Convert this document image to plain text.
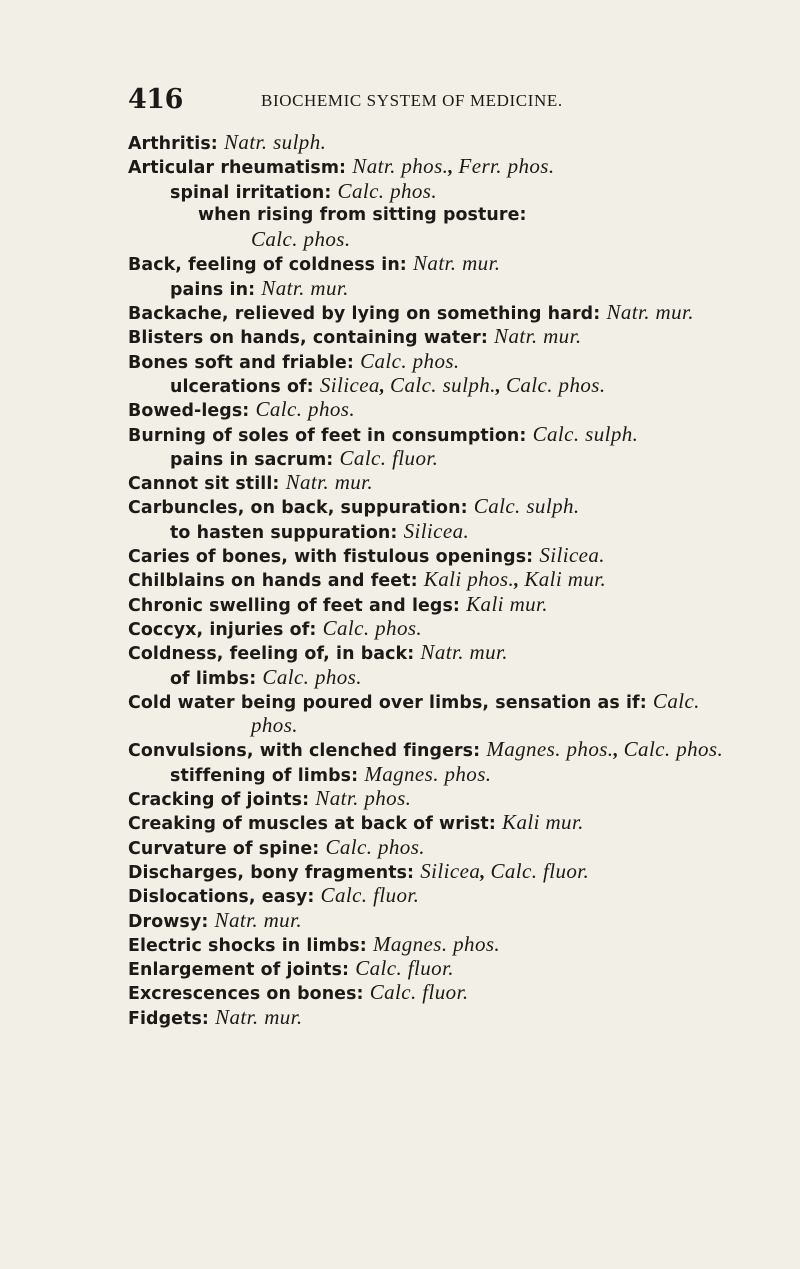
416	BIOCHEMIC SYSTEM OF MEDICINE.
Arthritis: Natr. sulph.
Articular rheumatism: Natr. phos., Ferr. phos.
spinal irritation: Calc. phos.
when rising from sitting posture:
Calc. phos.
Back, feeling of coldness in: Natr. mur.
pains in: Natr. mur.
Backache, relieved by lying on something hard: Natr. mur.
Blisters on hands, containing water: Natr. mur.
Bones soft and friable: Calc. phos.
ulcerations of: Silicea, Calc. sulph., Calc. phos.
Bowed-legs: Calc. phos.
Burning of soles of feet in consumption: Calc. sulph.
pains in sacrum: Calc. fluor.
Cannot sit still: Natr. mur.
Carbuncles, on back, suppuration: Calc. sulph.
to hasten suppuration: Silicea.
Caries of bones, with fistulous openings: Silicea.
Chilblains on hands and feet: Kali phos., Kali mur.
Chronic swelling of feet and legs: Kali mur.
Coccyx, injuries of: Calc. phos.
Coldness, feeling of, in back: Natr. mur.
of limbs: Calc. phos.
Cold water being poured over limbs, sensation as if: Calc.
phos.
Convulsions, with clenched fingers: Magnes. phos., Calc. phos.
stiffening of limbs: Magnes. phos.
Cracking of joints: Natr. phos.
Creaking of muscles at back of wrist: Kali mur.
Curvature of spine: Calc. phos.
Discharges, bony fragments: Silicea, Calc. fluor.
Dislocations, easy: Calc. fluor.
Drowsy: Natr. mur.
Electric shocks in limbs: Magnes. phos.
Enlargement of joints: Calc. fluor.
Excrescences on bones: Calc. fluor.
Fidgets: Natr. mur.
